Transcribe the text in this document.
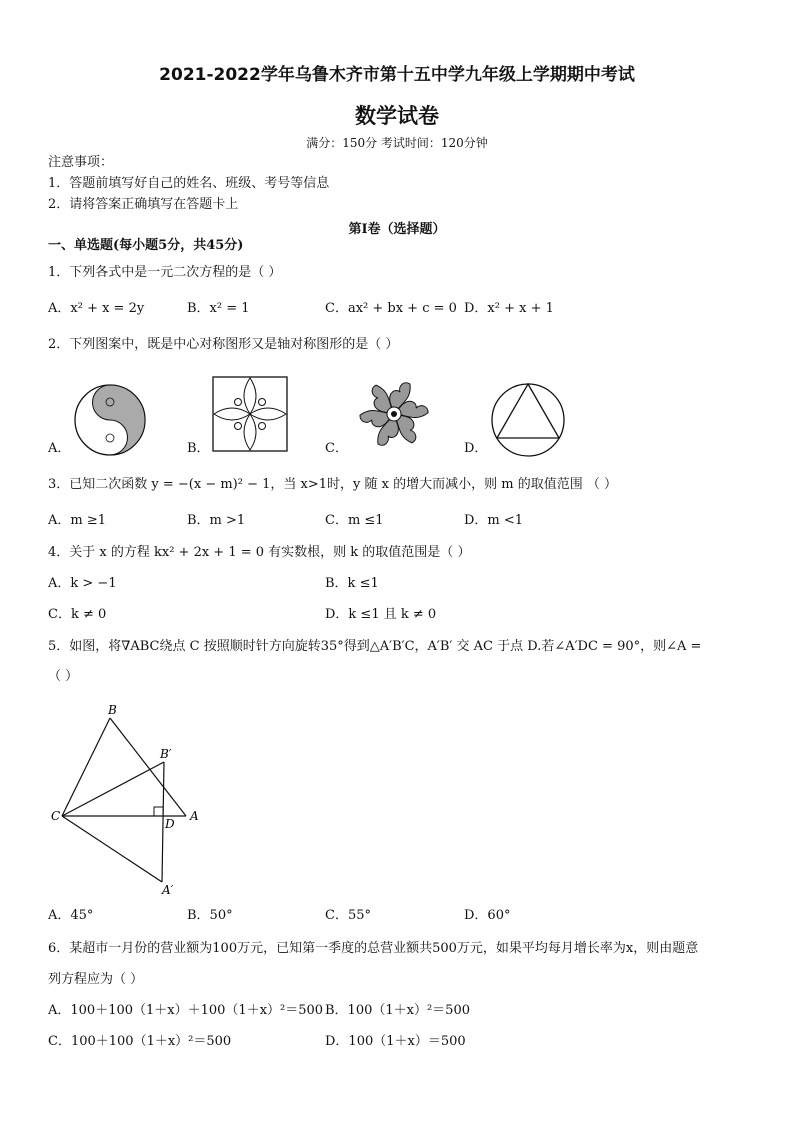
2021-2022学年乌鲁木齐市第十五中学九年级上学期期中考试
数学试卷
满分：150分 考试时间：120分钟
注意事项：
1．答题前填写好自己的姓名、班级、考号等信息
2．请将答案正确填写在答题卡上
第I卷（选择题）
一、单选题(每小题5分，共45分)
1．下列各式中是一元二次方程的是（ ）
A．x² + x = 2y	B．x² = 1	C．ax² + bx + c = 0 D．x² + x + 1
2．下列图案中，既是中心对称图形又是轴对称图形的是（ ）
A．	B．	C．	D．
3．已知二次函数 y = −(x − m)² − 1，当 x>1时，y 随 x 的增大而减小，则 m 的取值范围 （ ）
A．m ≥1	B．m >1	C．m ≤1	D．m <1
4．关于 x 的方程 kx² + 2x + 1 = 0 有实数根，则 k 的取值范围是（ ）
A．k > −1	B．k ≤1
C．k ≠ 0	D．k ≤1 且 k ≠ 0
5．如图，将∇ABC绕点 C 按照顺时针方向旋转35°得到△A′B′C，A′B′ 交 AC 于点 D.若∠A′DC = 90°，则∠A =
（ ）
B
B′
C
D
A
A′
A．45°	B．50°	C．55°	D．60°
6．某超市一月份的营业额为100万元，已知第一季度的总营业额共500万元，如果平均每月增长率为x，则由题意
列方程应为（ ）
A．100＋100（1＋x）＋100（1＋x）²＝500 B．100（1＋x）²＝500
C．100＋100（1＋x）²＝500	D．100（1＋x）＝500
